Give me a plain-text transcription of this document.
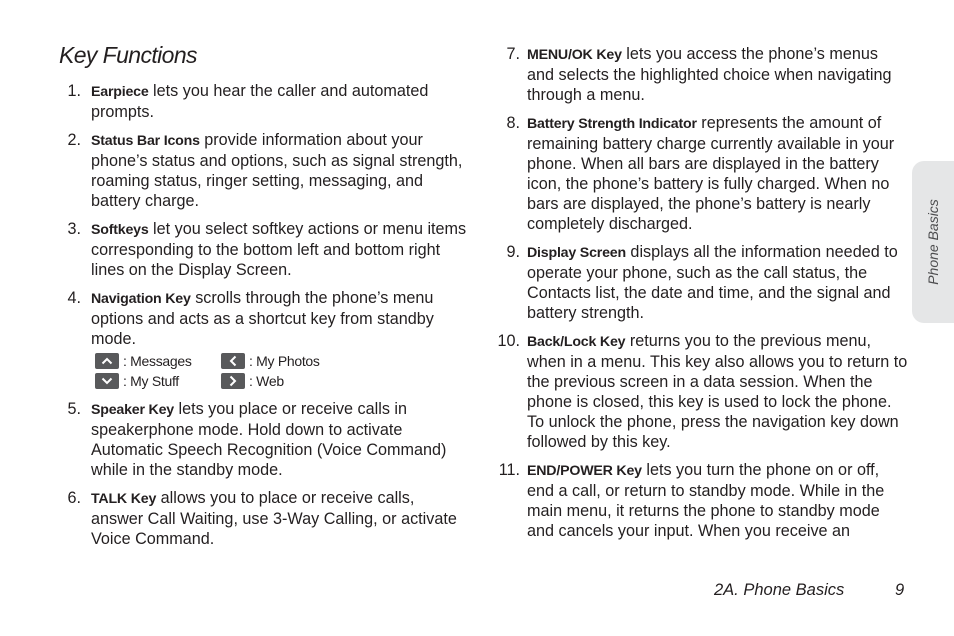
Key Functions
1. Earpiece lets you hear the caller and automated prompts.
2. Status Bar Icons provide information about your phone’s status and options, such as signal strength, roaming status, ringer setting, messaging, and battery charge.
3. Softkeys let you select softkey actions or menu items corresponding to the bottom left and bottom right lines on the Display Screen.
4. Navigation Key scrolls through the phone’s menu options and acts as a shortcut key from standby mode.
: Messages	: My Photos
: My Stuff	: Web
5. Speaker Key lets you place or receive calls in speakerphone mode. Hold down to activate Automatic Speech Recognition (Voice Command) while in the standby mode.
6. TALK Key allows you to place or receive calls, answer Call Waiting, use 3-Way Calling, or activate Voice Command.
7. MENU/OK Key lets you access the phone’s menus and selects the highlighted choice when navigating through a menu.
8. Battery Strength Indicator represents the amount of remaining battery charge currently available in your phone. When all bars are displayed in the battery icon, the phone’s battery is fully charged. When no bars are displayed, the phone’s battery is nearly completely discharged.
9. Display Screen displays all the information needed to operate your phone, such as the call status, the Contacts list, the date and time, and the signal and battery strength.
10. Back/Lock Key returns you to the previous menu, when in a menu. This key also allows you to return to the previous screen in a data session. When the phone is closed, this key is used to lock the phone. To unlock the phone, press the navigation key down followed by this key.
11. END/POWER Key lets you turn the phone on or off, end a call, or return to standby mode. While in the main menu, it returns the phone to standby mode and cancels your input. When you receive an
Phone Basics
2A. Phone Basics	9
